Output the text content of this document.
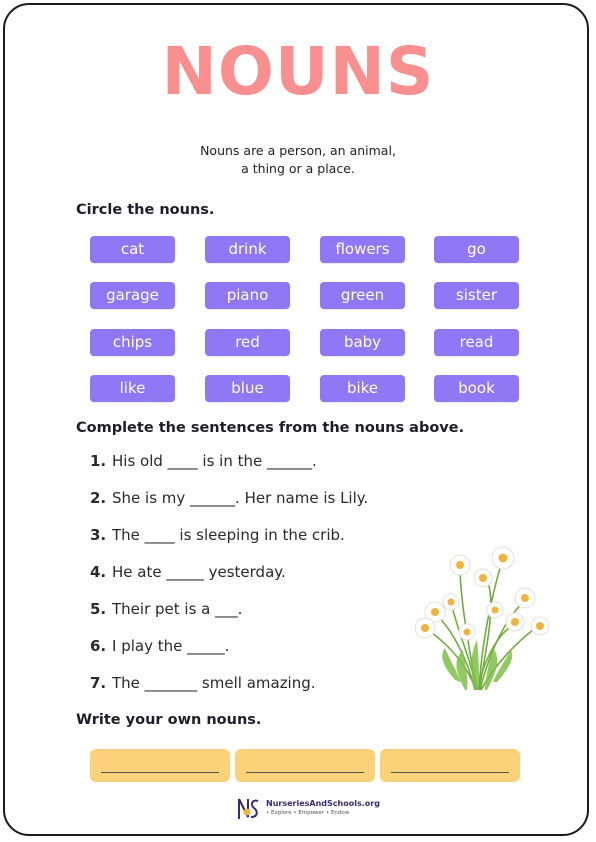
NOUNS
Nouns are a person, an animal,
a thing or a place.
Circle the nouns.
cat	drink	flowers	go
garage	piano	green	sister
chips	red	baby	read
like	blue	bike	book
Complete the sentences from the nouns above.
1. His old ____ is in the ______.
2. She is my ______. Her name is Lily.
3. The ____ is sleeping in the crib.
4. He ate _____ yesterday.
5. Their pet is a ___.
6. I play the _____.
7. The _______ smell amazing.
Write your own nouns.
NurseriesAndSchools.org
• Explore • Empower • Endow
